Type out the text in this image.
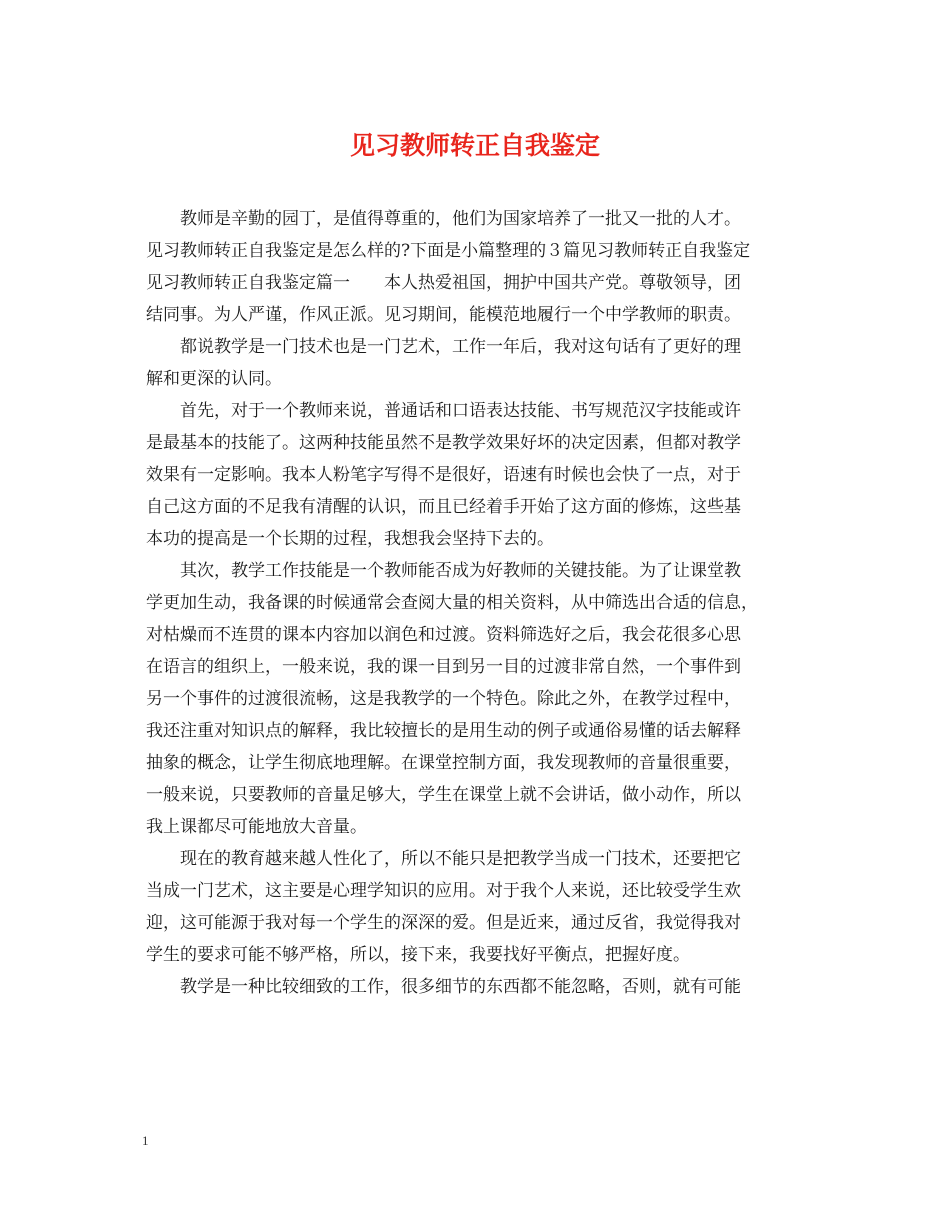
见习教师转正自我鉴定
教师是辛勤的园丁，是值得尊重的，他们为国家培养了一批又一批的人才。
见习教师转正自我鉴定是怎么样的?下面是小篇整理的３篇见习教师转正自我鉴定
见习教师转正自我鉴定篇一　　本人热爱祖国，拥护中国共产党。尊敬领导，团
结同事。为人严谨，作风正派。见习期间，能模范地履行一个中学教师的职责。
都说教学是一门技术也是一门艺术，工作一年后，我对这句话有了更好的理
解和更深的认同。
首先，对于一个教师来说，普通话和口语表达技能、书写规范汉字技能或许
是最基本的技能了。这两种技能虽然不是教学效果好坏的决定因素，但都对教学
效果有一定影响。我本人粉笔字写得不是很好，语速有时候也会快了一点，对于
自己这方面的不足我有清醒的认识，而且已经着手开始了这方面的修炼，这些基
本功的提高是一个长期的过程，我想我会坚持下去的。
其次，教学工作技能是一个教师能否成为好教师的关键技能。为了让课堂教
学更加生动，我备课的时候通常会查阅大量的相关资料，从中筛选出合适的信息，
对枯燥而不连贯的课本内容加以润色和过渡。资料筛选好之后，我会花很多心思
在语言的组织上，一般来说，我的课一目到另一目的过渡非常自然，一个事件到
另一个事件的过渡很流畅，这是我教学的一个特色。除此之外，在教学过程中，
我还注重对知识点的解释，我比较擅长的是用生动的例子或通俗易懂的话去解释
抽象的概念，让学生彻底地理解。在课堂控制方面，我发现教师的音量很重要，
一般来说，只要教师的音量足够大，学生在课堂上就不会讲话，做小动作，所以
我上课都尽可能地放大音量。
现在的教育越来越人性化了，所以不能只是把教学当成一门技术，还要把它
当成一门艺术，这主要是心理学知识的应用。对于我个人来说，还比较受学生欢
迎，这可能源于我对每一个学生的深深的爱。但是近来，通过反省，我觉得我对
学生的要求可能不够严格，所以，接下来，我要找好平衡点，把握好度。
教学是一种比较细致的工作，很多细节的东西都不能忽略，否则，就有可能
1
